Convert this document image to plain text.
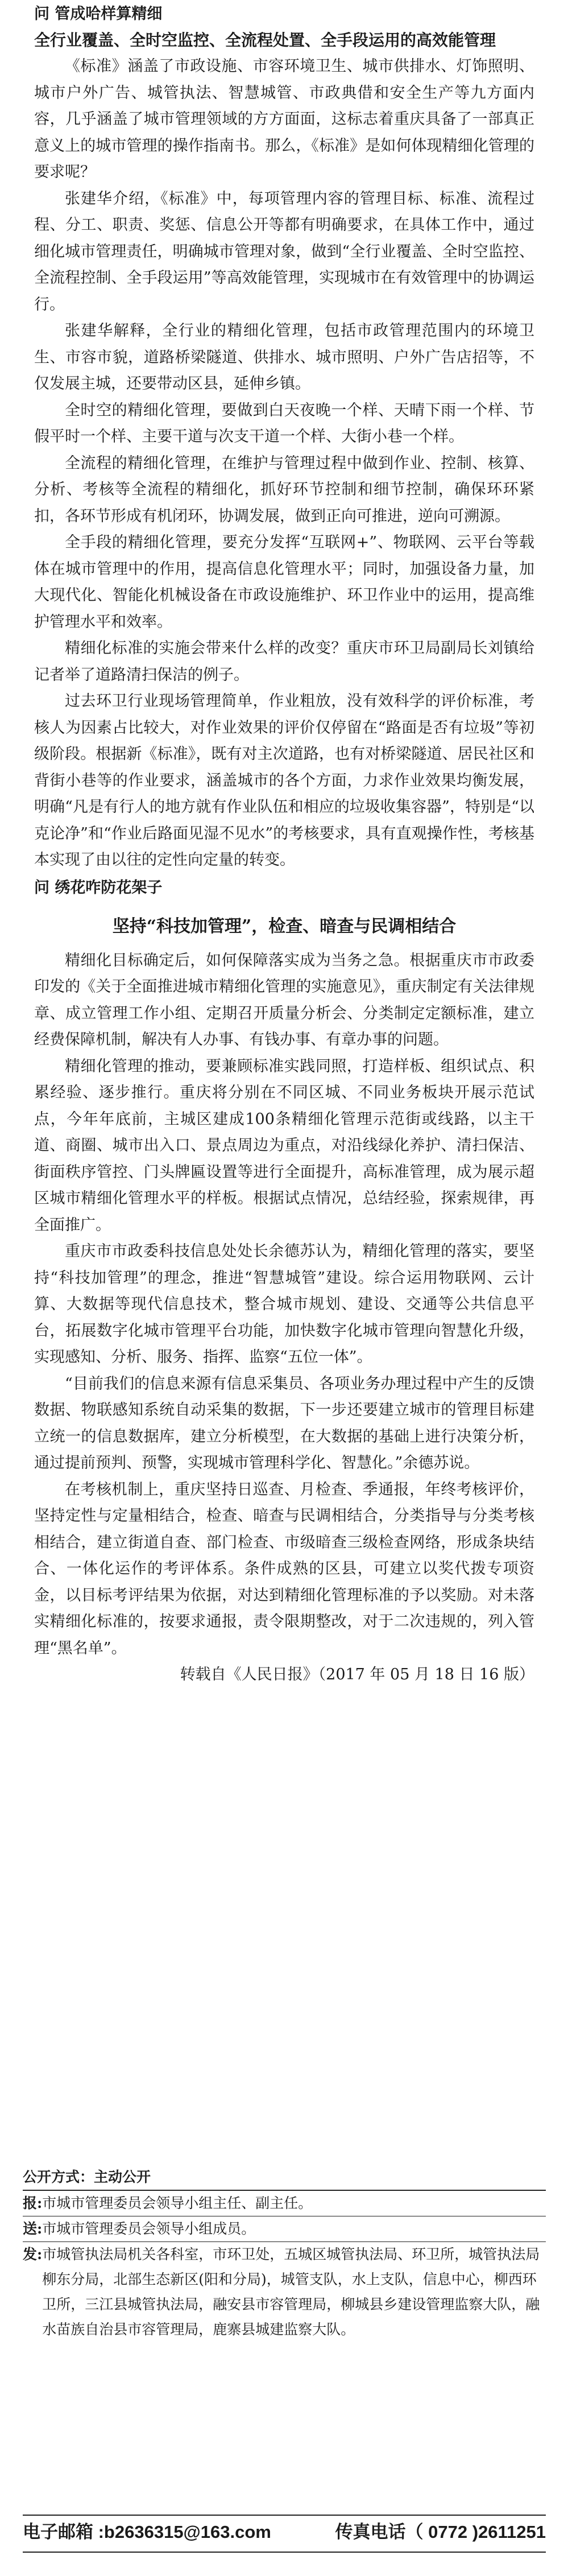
问 管成哈样算精细

全行业覆盖、全时空监控、全流程处置、全手段运用的高效能管理

《标准》涵盖了市政设施、市容环境卫生、城市供排水、灯饰照明、城市户外广告、城管执法、智慧城管、市政典借和安全生产等九方面内容，几乎涵盖了城市管理领域的方方面面，这标志着重庆具备了一部真正意义上的城市管理的操作指南书。那么，《标准》是如何体现精细化管理的要求呢？

张建华介绍，《标准》中，每项管理内容的管理目标、标准、流程过程、分工、职责、奖惩、信息公开等都有明确要求，在具体工作中，通过细化城市管理责任，明确城市管理对象，做到“全行业覆盖、全时空监控、全流程控制、全手段运用”等高效能管理，实现城市在有效管理中的协调运行。

张建华解释，全行业的精细化管理，包括市政管理范围内的环境卫生、市容市貌，道路桥梁隧道、供排水、城市照明、户外广告店招等，不仅发展主城，还要带动区县，延伸乡镇。

全时空的精细化管理，要做到白天夜晚一个样、天晴下雨一个样、节假平时一个样、主要干道与次支干道一个样、大街小巷一个样。

全流程的精细化管理，在维护与管理过程中做到作业、控制、核算、分析、考核等全流程的精细化，抓好环节控制和细节控制，确保环环紧扣，各环节形成有机闭环，协调发展，做到正向可推进，逆向可溯源。

全手段的精细化管理，要充分发挥“互联网+”、物联网、云平台等载体在城市管理中的作用，提高信息化管理水平；同时，加强设备力量，加大现代化、智能化机械设备在市政设施维护、环卫作业中的运用，提高维护管理水平和效率。

精细化标准的实施会带来什么样的改变？重庆市环卫局副局长刘镇给记者举了道路清扫保洁的例子。

过去环卫行业现场管理简单，作业粗放，没有效科学的评价标准，考核人为因素占比较大，对作业效果的评价仅停留在“路面是否有垃圾”等初级阶段。根据新《标准》，既有对主次道路，也有对桥梁隧道、居民社区和背街小巷等的作业要求，涵盖城市的各个方面，力求作业效果均衡发展，明确“凡是有行人的地方就有作业队伍和相应的垃圾收集容器”，特别是“以克论净”和“作业后路面见湿不见水”的考核要求，具有直观操作性，考核基本实现了由以往的定性向定量的转变。

问 绣花咋防花架子

坚持“科技加管理”，检查、暗查与民调相结合

精细化目标确定后，如何保障落实成为当务之急。根据重庆市市政委印发的《关于全面推进城市精细化管理的实施意见》，重庆制定有关法律规章、成立管理工作小组、定期召开质量分析会、分类制定定额标准，建立经费保障机制，解决有人办事、有钱办事、有章办事的问题。

精细化管理的推动，要兼顾标准实践同照，打造样板、组织试点、积累经验、逐步推行。重庆将分别在不同区城、不同业务板块开展示范试点，今年年底前，主城区建成100条精细化管理示范街或线路，以主干道、商圈、城市出入口、景点周边为重点，对沿线绿化养护、清扫保洁、街面秩序管控、门头牌匾设置等进行全面提升，高标准管理，成为展示超区城市精细化管理水平的样板。根据试点情况，总结经验，探索规律，再全面推广。

重庆市市政委科技信息处处长余德苏认为，精细化管理的落实，要坚持“科技加管理”的理念，推进“智慧城管”建设。综合运用物联网、云计算、大数据等现代信息技术，整合城市规划、建设、交通等公共信息平台，拓展数字化城市管理平台功能，加快数字化城市管理向智慧化升级，实现感知、分析、服务、指挥、监察“五位一体”。

“目前我们的信息来源有信息采集员、各项业务办理过程中产生的反馈数据、物联感知系统自动采集的数据，下一步还要建立城市的管理目标建立统一的信息数据库，建立分析模型，在大数据的基础上进行决策分析，通过提前预判、预警，实现城市管理科学化、智慧化。”余德苏说。

在考核机制上，重庆坚持日巡查、月检查、季通报，年终考核评价，坚持定性与定量相结合，检查、暗查与民调相结合，分类指导与分类考核相结合，建立街道自查、部门检查、市级暗查三级检查网络，形成条块结合、一体化运作的考评体系。条件成熟的区县，可建立以奖代拨专项资金，以目标考评结果为依据，对达到精细化管理标准的予以奖励。对未落实精细化标准的，按要求通报，责令限期整改，对于二次违规的，列入管理“黑名单”。

转载自《人民日报》（2017 年 05 月 18 日 16 版）

公开方式：主动公开
报: 市城市管理委员会领导小组主任、副主任。
送: 市城市管理委员会领导小组成员。
发: 市城管执法局机关各科室，市环卫处，五城区城管执法局、环卫所，城管执法局柳东分局，北部生态新区(阳和分局)，城管支队，水上支队，信息中心，柳西环卫所，三江县城管执法局，融安县市容管理局，柳城县乡建设管理监察大队，融水苗族自治县市容管理局，鹿寨县城建监察大队。
电子邮箱 :b2636315@163.com	传真电话（ 0772 )2611251
